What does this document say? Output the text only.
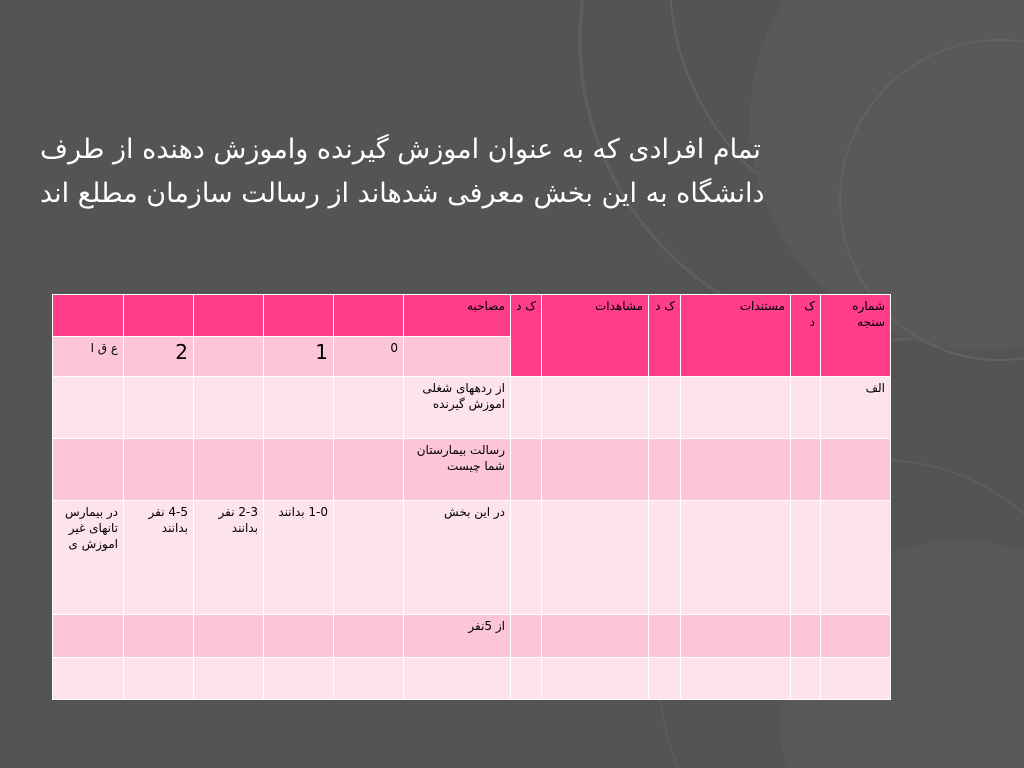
تمام افرادی که به عنوان اموزش گیرنده واموزش دهنده از طرف
دانشگاه به این بخش معرفی شدهاند از رسالت سازمان مطلع اند
شماره سنجه	ک د	مستندات	ک د	مشاهدات	ک د	مصاحبه					
							0	1		2	ع ق ا
الف						از ردههای شغلی اموزش گیرنده					
						رسالت بیمارستان شما چیست					
						در این بخش		1-0 بدانند	2-3 نفر بدانند	4-5 نفر بدانند	در بیمارس تانهای غیر اموزش ی
						از 5نفر					
